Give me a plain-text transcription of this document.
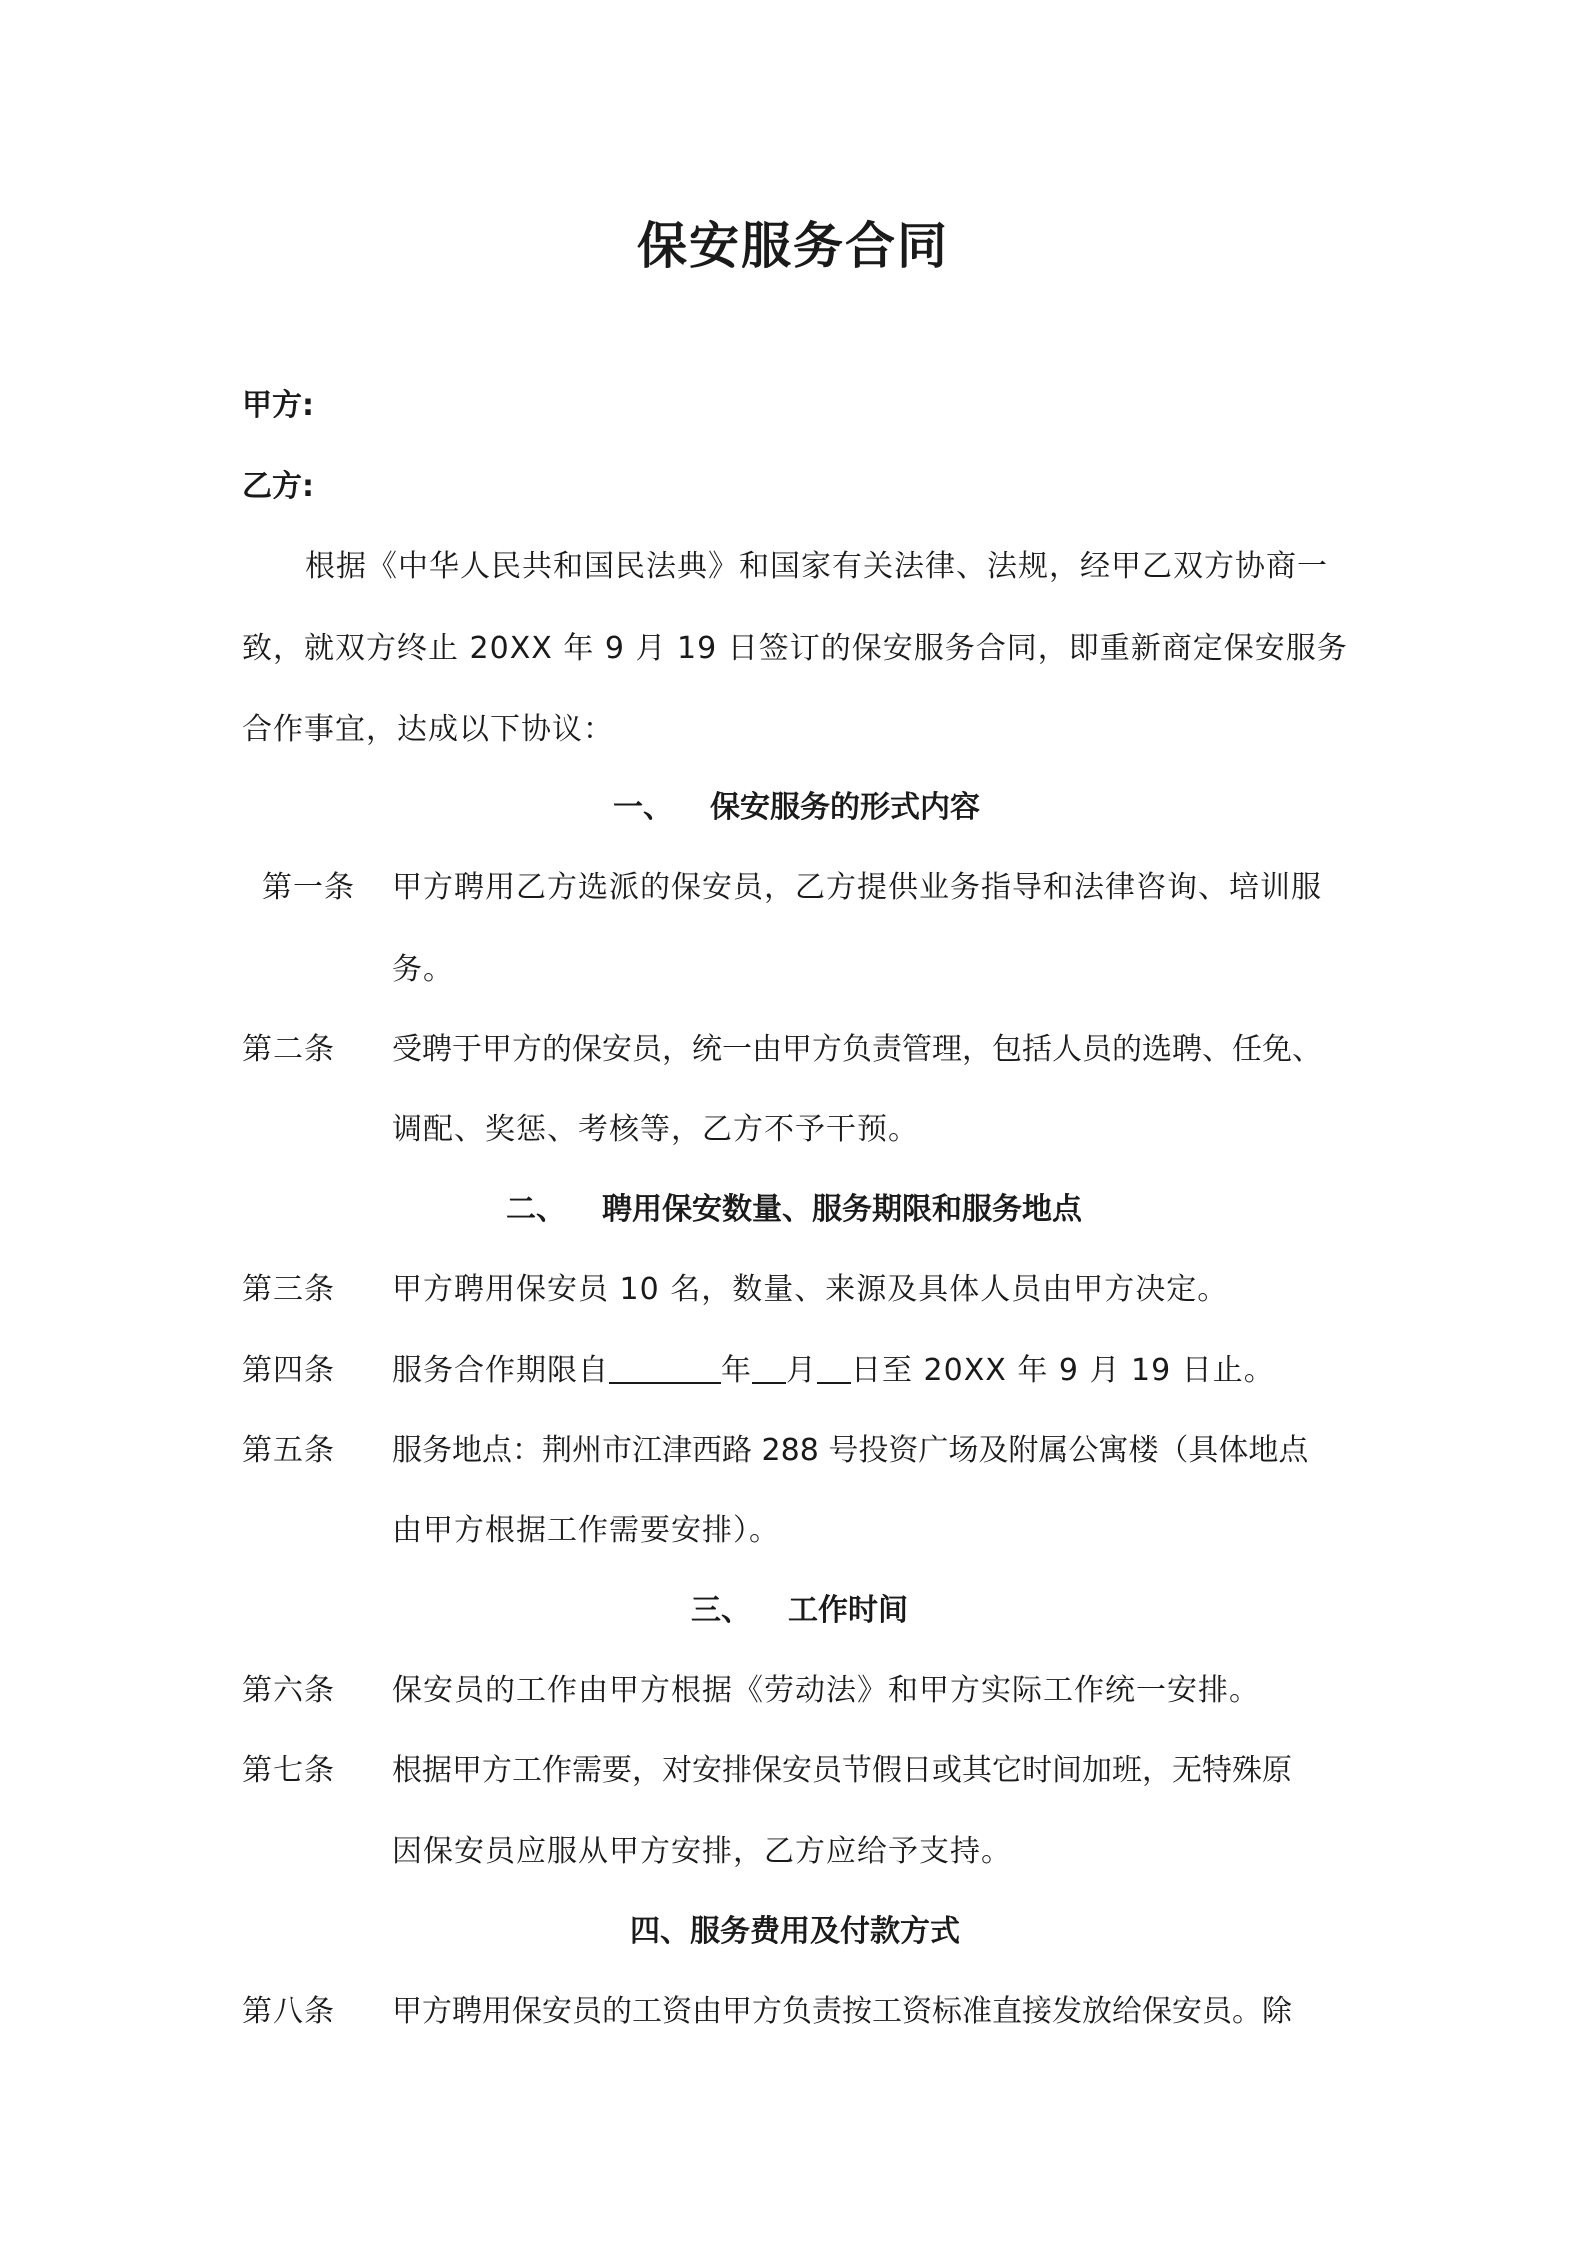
保安服务合同
甲方:
乙方:
根据《中华人民共和国民法典》和国家有关法律、法规，经甲乙双方协商一
致，就双方终止 20XX 年 9 月 19 日签订的保安服务合同，即重新商定保安服务
合作事宜，达成以下协议：
一、 保安服务的形式内容
第一条 甲方聘用乙方选派的保安员，乙方提供业务指导和法律咨询、培训服
务。
第二条 受聘于甲方的保安员，统一由甲方负责管理，包括人员的选聘、任免、
调配、奖惩、考核等，乙方不予干预。
二、 聘用保安数量、服务期限和服务地点
第三条 甲方聘用保安员 10 名，数量、来源及具体人员由甲方决定。
第四条 服务合作期限自	年 月 日至 20XX 年 9 月 19 日止。
第五条 服务地点：荆州市江津西路 288 号投资广场及附属公寓楼（具体地点
由甲方根据工作需要安排）。
三、 工作时间
第六条 保安员的工作由甲方根据《劳动法》和甲方实际工作统一安排。
第七条 根据甲方工作需要，对安排保安员节假日或其它时间加班，无特殊原
因保安员应服从甲方安排，乙方应给予支持。
四、服务费用及付款方式
第八条 甲方聘用保安员的工资由甲方负责按工资标准直接发放给保安员。除
